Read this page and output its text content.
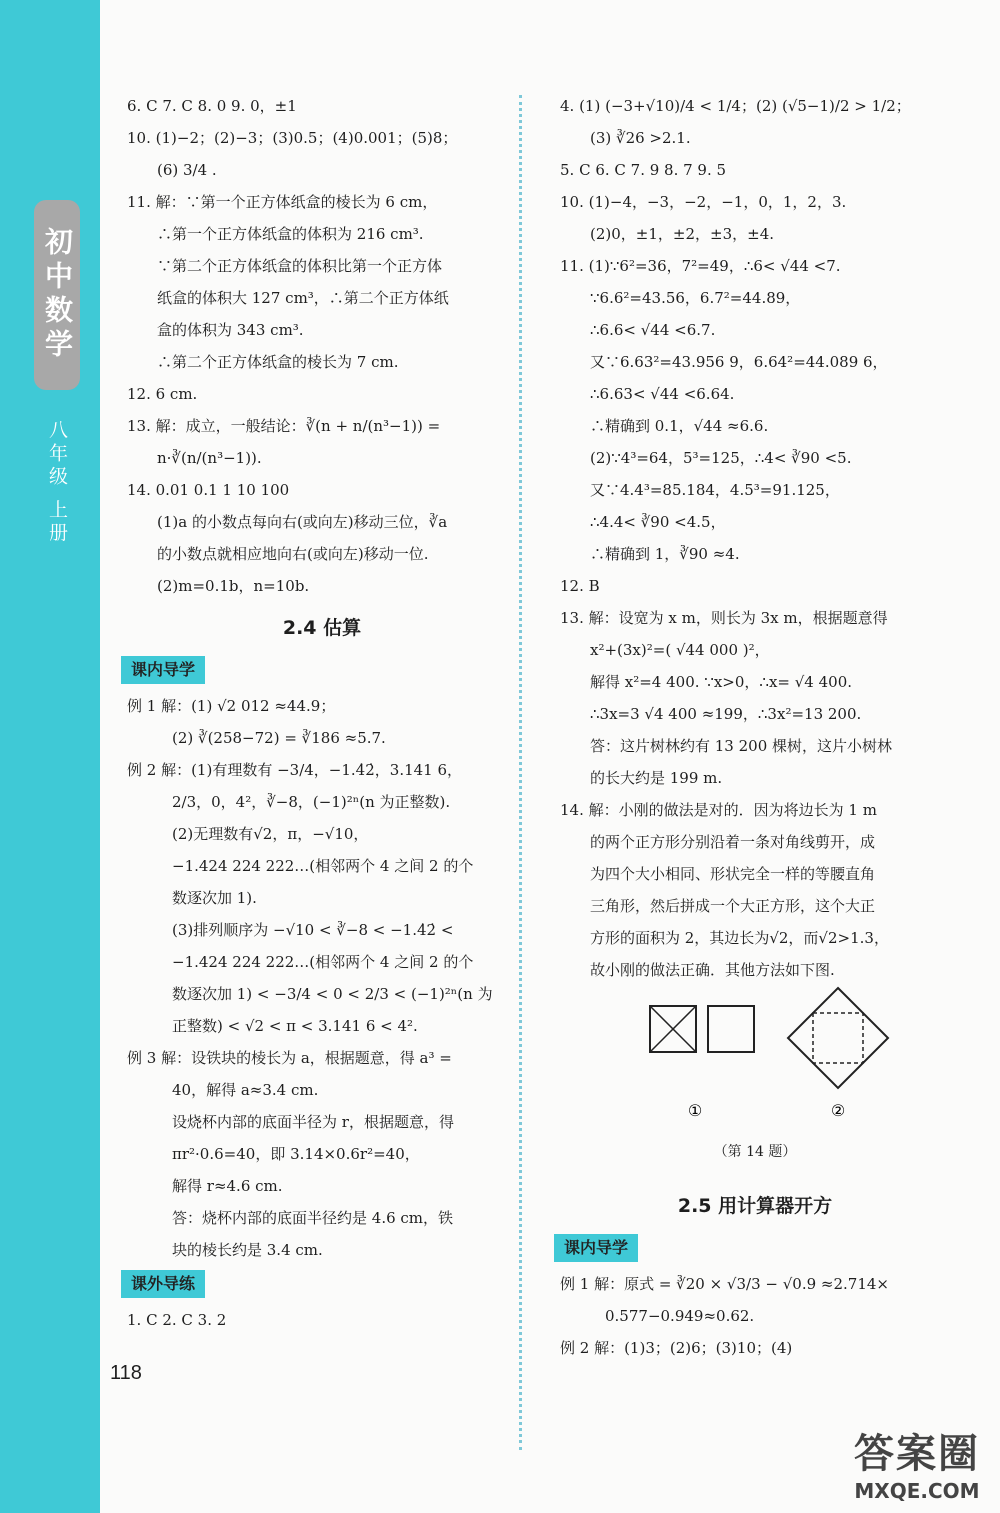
初中数学
八年级 上册
118
6. C 7. C 8. 0 9. 0，±1
10. (1)−2；(2)−3；(3)0.5；(4)0.001；(5)8；
(6) 3/4 .
11. 解：∵第一个正方体纸盒的棱长为 6 cm，
∴第一个正方体纸盒的体积为 216 cm³.
∵第二个正方体纸盒的体积比第一个正方体
纸盒的体积大 127 cm³，∴第二个正方体纸
盒的体积为 343 cm³.
∴第二个正方体纸盒的棱长为 7 cm.
12. 6 cm.
13. 解：成立，一般结论：∛(n + n/(n³−1)) =
n·∛(n/(n³−1)).
14. 0.01 0.1 1 10 100
(1)a 的小数点每向右(或向左)移动三位，∛a
的小数点就相应地向右(或向左)移动一位.
(2)m=0.1b，n=10b.
2.4 估算
课内导学
例 1 解：(1) √2 012 ≈44.9；
(2) ∛(258−72) = ∛186 ≈5.7.
例 2 解：(1)有理数有 −3/4，−1.4̇2̇，3.141 6，
2/3，0，4²，∛−8，(−1)²ⁿ(n 为正整数).
(2)无理数有√2，π，−√10，
−1.424 224 222…(相邻两个 4 之间 2 的个
数逐次加 1).
(3)排列顺序为 −√10 < ∛−8 < −1.4̇2̇ <
−1.424 224 222…(相邻两个 4 之间 2 的个
数逐次加 1) < −3/4 < 0 < 2/3 < (−1)²ⁿ(n 为
正整数) < √2 < π < 3.141 6 < 4².
例 3 解：设铁块的棱长为 a，根据题意，得 a³ =
40，解得 a≈3.4 cm.
设烧杯内部的底面半径为 r，根据题意，得
πr²·0.6=40，即 3.14×0.6r²=40，
解得 r≈4.6 cm.
答：烧杯内部的底面半径约是 4.6 cm，铁
块的棱长约是 3.4 cm.
课外导练
1. C 2. C 3. 2
4. (1) (−3+√10)/4 < 1/4；(2) (√5−1)/2 > 1/2；
(3) ∛26 >2.1.
5. C 6. C 7. 9 8. 7 9. 5
10. (1)−4，−3，−2，−1，0，1，2，3.
(2)0，±1，±2，±3，±4.
11. (1)∵6²=36，7²=49，∴6< √44 <7.
∵6.6²=43.56，6.7²=44.89，
∴6.6< √44 <6.7.
又∵6.63²=43.956 9，6.64²=44.089 6，
∴6.63< √44 <6.64.
∴精确到 0.1，√44 ≈6.6.
(2)∵4³=64，5³=125，∴4< ∛90 <5.
又∵4.4³=85.184，4.5³=91.125，
∴4.4< ∛90 <4.5，
∴精确到 1，∛90 ≈4.
12. B
13. 解：设宽为 x m，则长为 3x m，根据题意得
x²+(3x)²=( √44 000 )²，
解得 x²=4 400. ∵x>0，∴x= √4 400.
∴3x=3 √4 400 ≈199，∴3x²=13 200.
答：这片树林约有 13 200 棵树，这片小树林
的长大约是 199 m.
14. 解：小刚的做法是对的．因为将边长为 1 m
的两个正方形分别沿着一条对角线剪开，成
为四个大小相同、形状完全一样的等腰直角
三角形，然后拼成一个大正方形，这个大正
方形的面积为 2，其边长为√2，而√2>1.3，
故小刚的做法正确．其他方法如下图.
①	②
（第 14 题）
2.5 用计算器开方
课内导学
例 1 解：原式 = ∛20 × √3/3 − √0.9 ≈2.714×
0.577−0.949≈0.62.
例 2 解：(1)3；(2)6；(3)10；(4)
答案圈
MXQE.COM
